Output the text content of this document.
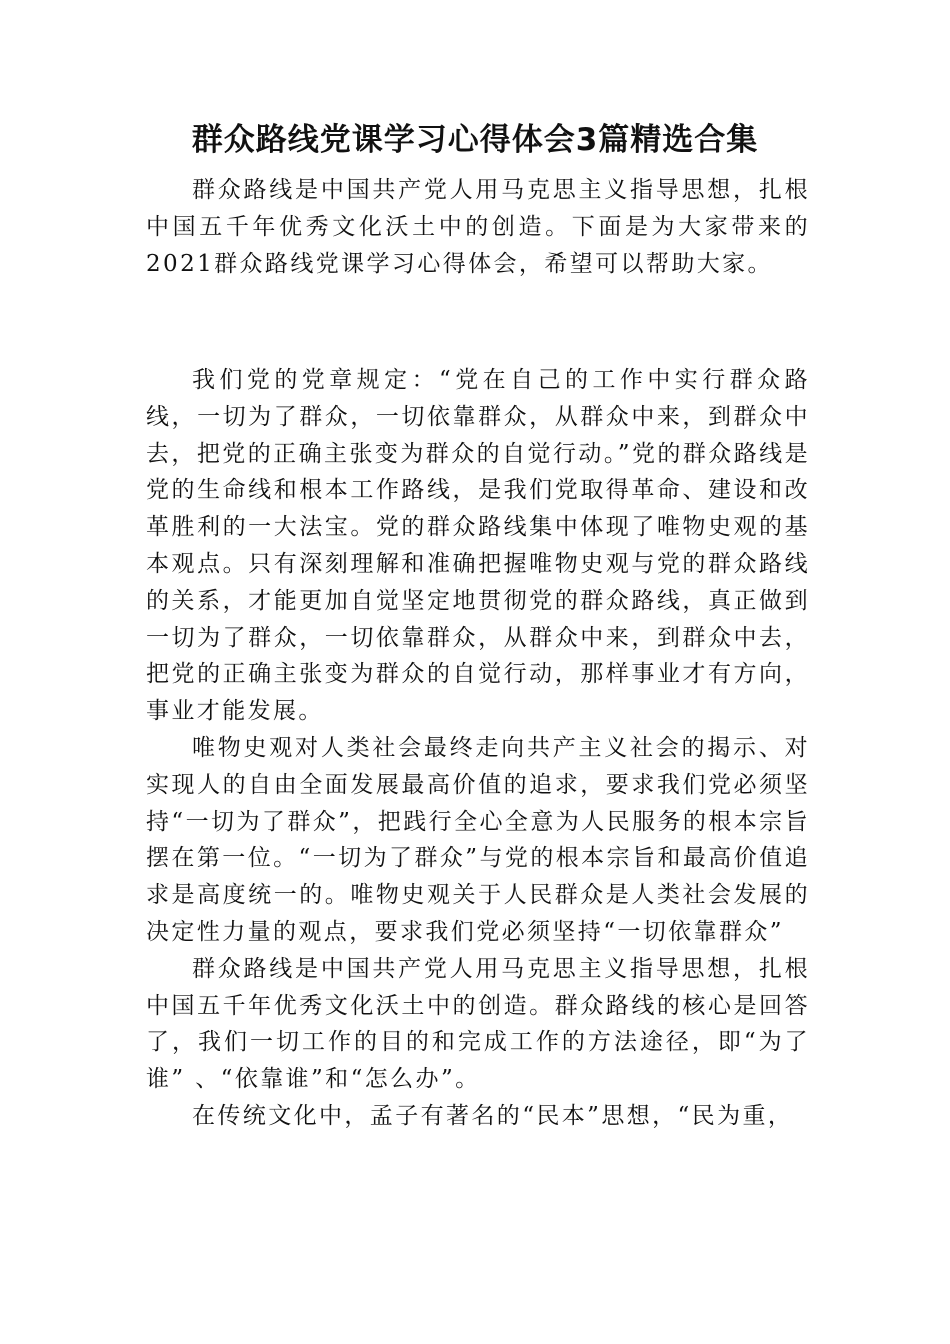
群众路线党课学习心得体会3篇精选合集

群众路线是中国共产党人用马克思主义指导思想，扎根中国五千年优秀文化沃土中的创造。下面是为大家带来的2021群众路线党课学习心得体会，希望可以帮助大家。

我们党的党章规定：“党在自己的工作中实行群众路线，一切为了群众，一切依靠群众，从群众中来，到群众中去，把党的正确主张变为群众的自觉行动。”党的群众路线是党的生命线和根本工作路线，是我们党取得革命、建设和改革胜利的一大法宝。党的群众路线集中体现了唯物史观的基本观点。只有深刻理解和准确把握唯物史观与党的群众路线的关系，才能更加自觉坚定地贯彻党的群众路线，真正做到一切为了群众，一切依靠群众，从群众中来，到群众中去，把党的正确主张变为群众的自觉行动，那样事业才有方向，事业才能发展。

唯物史观对人类社会最终走向共产主义社会的揭示、对实现人的自由全面发展最高价值的追求，要求我们党必须坚持“一切为了群众”，把践行全心全意为人民服务的根本宗旨摆在第一位。“一切为了群众”与党的根本宗旨和最高价值追求是高度统一的。唯物史观关于人民群众是人类社会发展的决定性力量的观点，要求我们党必须坚持“一切依靠群众”

群众路线是中国共产党人用马克思主义指导思想，扎根中国五千年优秀文化沃土中的创造。群众路线的核心是回答了，我们一切工作的目的和完成工作的方法途径，即“为了谁” 、“依靠谁”和“怎么办”。

在传统文化中，孟子有著名的“民本”思想，“民为重，
